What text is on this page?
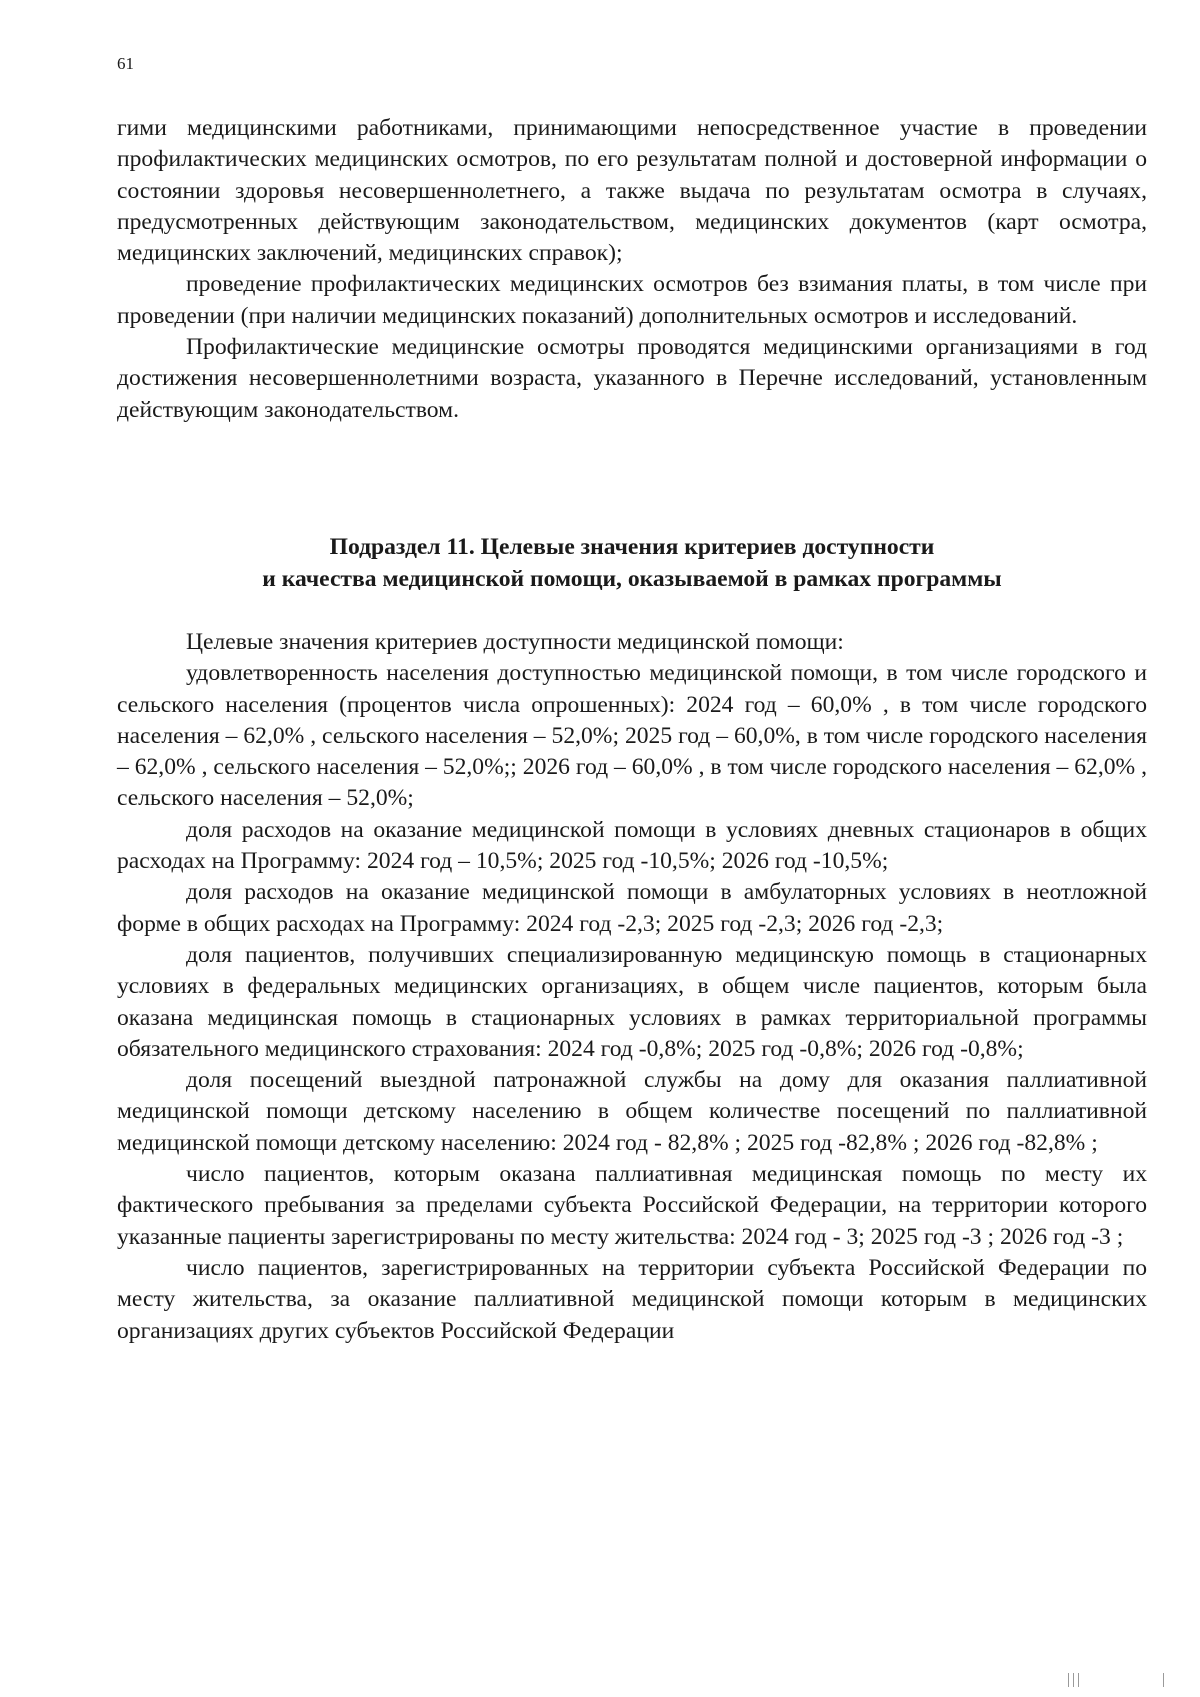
61

гими медицинскими работниками, принимающими непосредственное участие в проведении профилактических медицинских осмотров, по его результатам полной и достоверной информации о состоянии здоровья несовершеннолетнего, а также выдача по результатам осмотра в случаях, предусмотренных действующим законодательством, медицинских документов (карт осмотра, медицинских заключений, медицинских справок);

проведение профилактических медицинских осмотров без взимания платы, в том числе при проведении (при наличии медицинских показаний) дополнительных осмотров и исследований.

Профилактические медицинские осмотры проводятся медицинскими организациями в год достижения несовершеннолетними возраста, указанного в Перечне исследований, установленным действующим законодательством.

Подраздел 11. Целевые значения критериев доступности
и качества медицинской помощи, оказываемой в рамках программы

Целевые значения критериев доступности медицинской помощи:

удовлетворенность населения доступностью медицинской помощи, в том числе городского и сельского населения (процентов числа опрошенных): 2024 год – 60,0% , в том числе городского населения – 62,0% , сельского населения – 52,0%; 2025 год – 60,0%, в том числе городского населения – 62,0% , сельского населения – 52,0%;; 2026 год – 60,0% , в том числе городского населения – 62,0% , сельского населения – 52,0%;

доля расходов на оказание медицинской помощи в условиях дневных стационаров в общих расходах на Программу: 2024 год – 10,5%; 2025 год -10,5%; 2026 год -10,5%;

доля расходов на оказание медицинской помощи в амбулаторных условиях в неотложной форме в общих расходах на Программу: 2024 год -2,3; 2025 год -2,3; 2026 год -2,3;

доля пациентов, получивших специализированную медицинскую помощь в стационарных условиях в федеральных медицинских организациях, в общем числе пациентов, которым была оказана медицинская помощь в стационарных условиях в рамках территориальной программы обязательного медицинского страхования: 2024 год -0,8%; 2025 год -0,8%; 2026 год -0,8%;

доля посещений выездной патронажной службы на дому для оказания паллиативной медицинской помощи детскому населению в общем количестве посещений по паллиативной медицинской помощи детскому населению: 2024 год - 82,8% ; 2025 год -82,8% ; 2026 год -82,8% ;

число пациентов, которым оказана паллиативная медицинская помощь по месту их фактического пребывания за пределами субъекта Российской Федерации, на территории которого указанные пациенты зарегистрированы по месту жительства: 2024 год - 3; 2025 год -3 ; 2026 год -3 ;

число пациентов, зарегистрированных на территории субъекта Российской Федерации по месту жительства, за оказание паллиативной медицинской помощи которым в медицинских организациях других субъектов Российской Федерации
